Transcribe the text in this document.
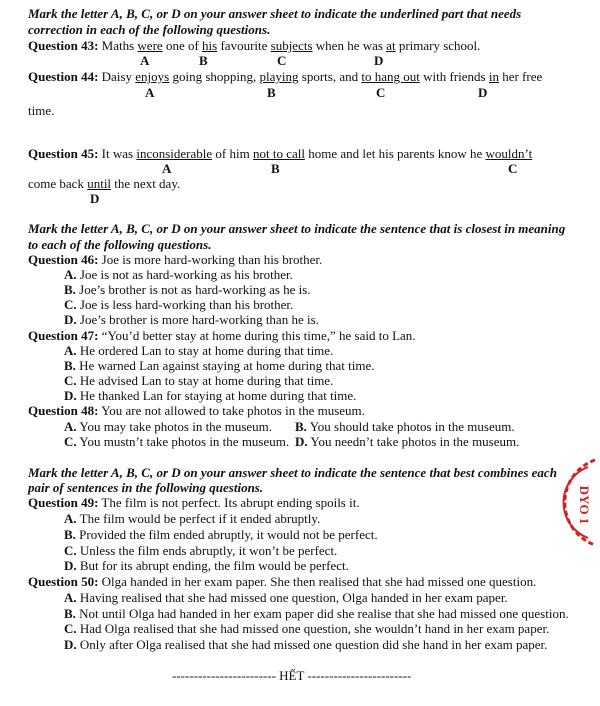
Mark the letter A, B, C, or D on your answer sheet to indicate the underlined part that needs
correction in each of the following questions.
Question 43: Maths were one of his favourite subjects when he was at primary school.
A	B	C	D
Question 44: Daisy enjoys going shopping, playing sports, and to hang out with friends in her free
A	B	C	D
time.
Question 45: It was inconsiderable of him not to call home and let his parents know he wouldn’t
A	B	C
come back until the next day.
D
Mark the letter A, B, C, or D on your answer sheet to indicate the sentence that is closest in meaning
to each of the following questions.
Question 46: Joe is more hard-working than his brother.
A. Joe is not as hard-working as his brother.
B. Joe’s brother is not as hard-working as he is.
C. Joe is less hard-working than his brother.
D. Joe’s brother is more hard-working than he is.
Question 47: “You’d better stay at home during this time,” he said to Lan.
A. He ordered Lan to stay at home during that time.
B. He warned Lan against staying at home during that time.
C. He advised Lan to stay at home during that time.
D. He thanked Lan for staying at home during that time.
Question 48: You are not allowed to take photos in the museum.
A. You may take photos in the museum. B. You should take photos in the museum.
C. You mustn’t take photos in the museum. D. You needn’t take photos in the museum.
Mark the letter A, B, C, or D on your answer sheet to indicate the sentence that best combines each
pair of sentences in the following questions.
Question 49: The film is not perfect. Its abrupt ending spoils it.
A. The film would be perfect if it ended abruptly.
B. Provided the film ended abruptly, it would not be perfect.
C. Unless the film ends abruptly, it won’t be perfect.
D. But for its abrupt ending, the film would be perfect.
Question 50: Olga handed in her exam paper. She then realised that she had missed one question.
A. Having realised that she had missed one question, Olga handed in her exam paper.
B. Not until Olga had handed in her exam paper did she realise that she had missed one question.
C. Had Olga realised that she had missed one question, she wouldn’t hand in her exam paper.
D. Only after Olga realised that she had missed one question did she hand in her exam paper.
------------------------ HẾT ------------------------
DYO 1
